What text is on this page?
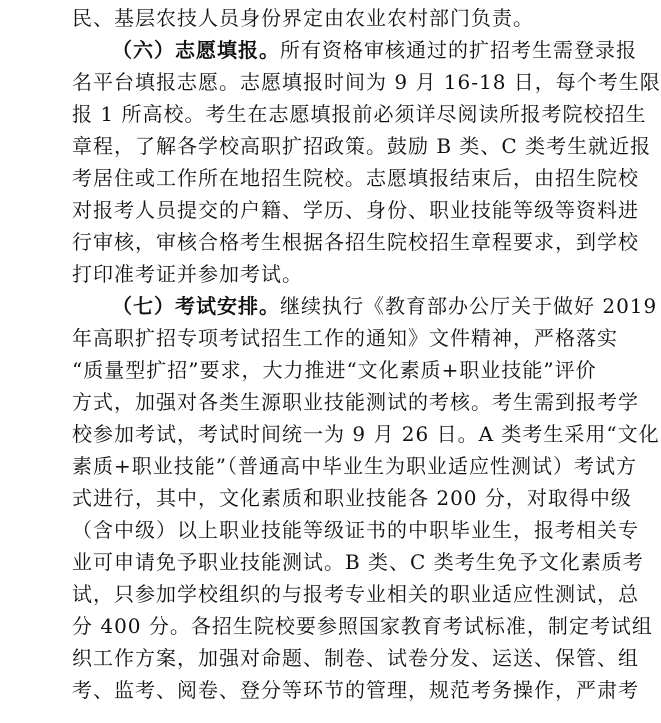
民、基层农技人员身份界定由农业农村部门负责。
（六）志愿填报。所有资格审核通过的扩招考生需登录报
名平台填报志愿。志愿填报时间为 9 月 16-18 日，每个考生限
报 1 所高校。考生在志愿填报前必须详尽阅读所报考院校招生
章程，了解各学校高职扩招政策。鼓励 B 类、C 类考生就近报
考居住或工作所在地招生院校。志愿填报结束后，由招生院校
对报考人员提交的户籍、学历、身份、职业技能等级等资料进
行审核，审核合格考生根据各招生院校招生章程要求，到学校
打印准考证并参加考试。
（七）考试安排。继续执行《教育部办公厅关于做好 2019
年高职扩招专项考试招生工作的通知》文件精神，严格落实
“质量型扩招”要求，大力推进“文化素质+职业技能”评价
方式，加强对各类生源职业技能测试的考核。考生需到报考学
校参加考试，考试时间统一为 9 月 26 日。A 类考生采用“文化
素质+职业技能”（普通高中毕业生为职业适应性测试）考试方
式进行，其中，文化素质和职业技能各 200 分，对取得中级
（含中级）以上职业技能等级证书的中职毕业生，报考相关专
业可申请免予职业技能测试。B 类、C 类考生免予文化素质考
试，只参加学校组织的与报考专业相关的职业适应性测试，总
分 400 分。各招生院校要参照国家教育考试标准，制定考试组
织工作方案，加强对命题、制卷、试卷分发、运送、保管、组
考、监考、阅卷、登分等环节的管理，规范考务操作，严肃考
